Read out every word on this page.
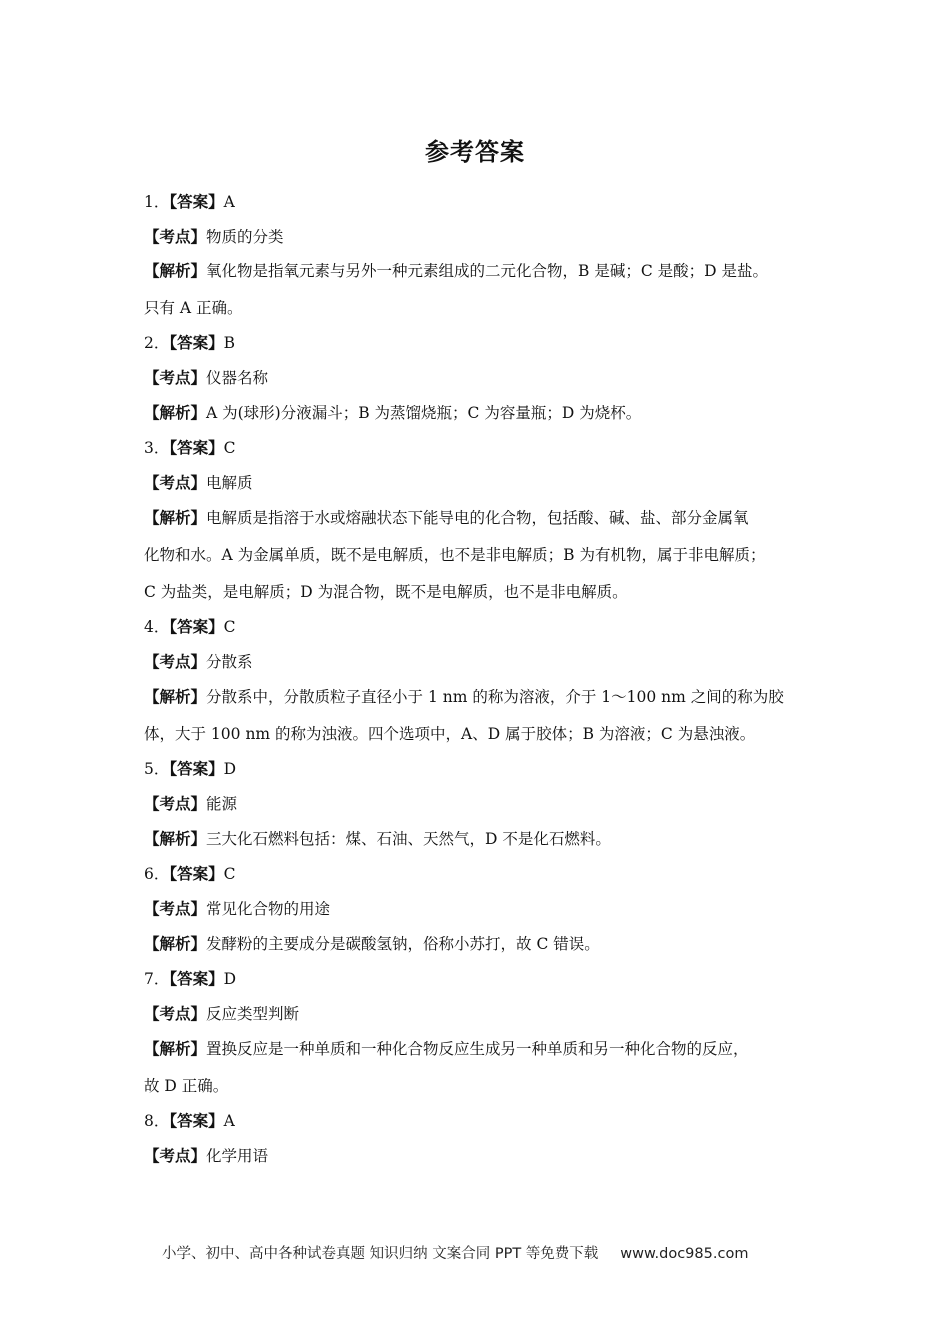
参考答案
1．【答案】A
【考点】物质的分类
【解析】氧化物是指氧元素与另外一种元素组成的二元化合物，B 是碱；C 是酸；D 是盐。
只有 A 正确。
2．【答案】B
【考点】仪器名称
【解析】A 为(球形)分液漏斗；B 为蒸馏烧瓶；C 为容量瓶；D 为烧杯。
3．【答案】C
【考点】电解质
【解析】电解质是指溶于水或熔融状态下能导电的化合物，包括酸、碱、盐、部分金属氧
化物和水。A 为金属单质，既不是电解质，也不是非电解质；B 为有机物，属于非电解质；
C 为盐类，是电解质；D 为混合物，既不是电解质，也不是非电解质。
4．【答案】C
【考点】分散系
【解析】分散系中，分散质粒子直径小于 1 nm 的称为溶液，介于 1～100 nm 之间的称为胶
体，大于 100 nm 的称为浊液。四个选项中，A、D 属于胶体；B 为溶液；C 为悬浊液。
5．【答案】D
【考点】能源
【解析】三大化石燃料包括：煤、石油、天然气，D 不是化石燃料。
6．【答案】C
【考点】常见化合物的用途
【解析】发酵粉的主要成分是碳酸氢钠，俗称小苏打，故 C 错误。
7．【答案】D
【考点】反应类型判断
【解析】置换反应是一种单质和一种化合物反应生成另一种单质和另一种化合物的反应，
故 D 正确。
8．【答案】A
【考点】化学用语
小学、初中、高中各种试卷真题 知识归纳 文案合同 PPT 等免费下载 www.doc985.com
